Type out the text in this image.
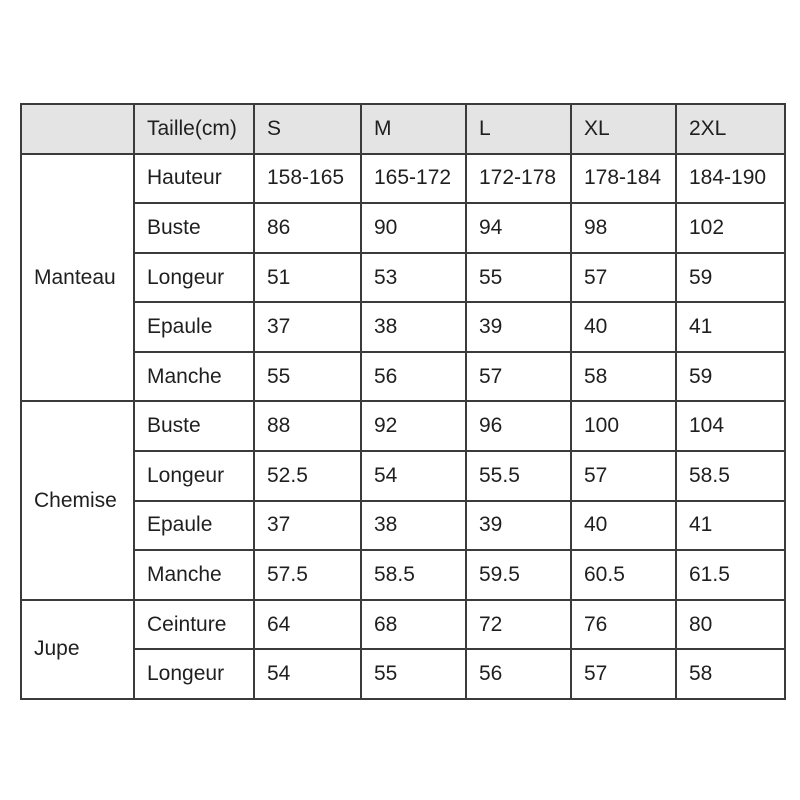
	Taille(cm)	S	M	L	XL	2XL
Manteau	Hauteur	158-165	165-172	172-178	178-184	184-190
	Buste	86	90	94	98	102
	Longeur	51	53	55	57	59
	Epaule	37	38	39	40	41
	Manche	55	56	57	58	59
Chemise	Buste	88	92	96	100	104
	Longeur	52.5	54	55.5	57	58.5
	Epaule	37	38	39	40	41
	Manche	57.5	58.5	59.5	60.5	61.5
Jupe	Ceinture	64	68	72	76	80
	Longeur	54	55	56	57	58
